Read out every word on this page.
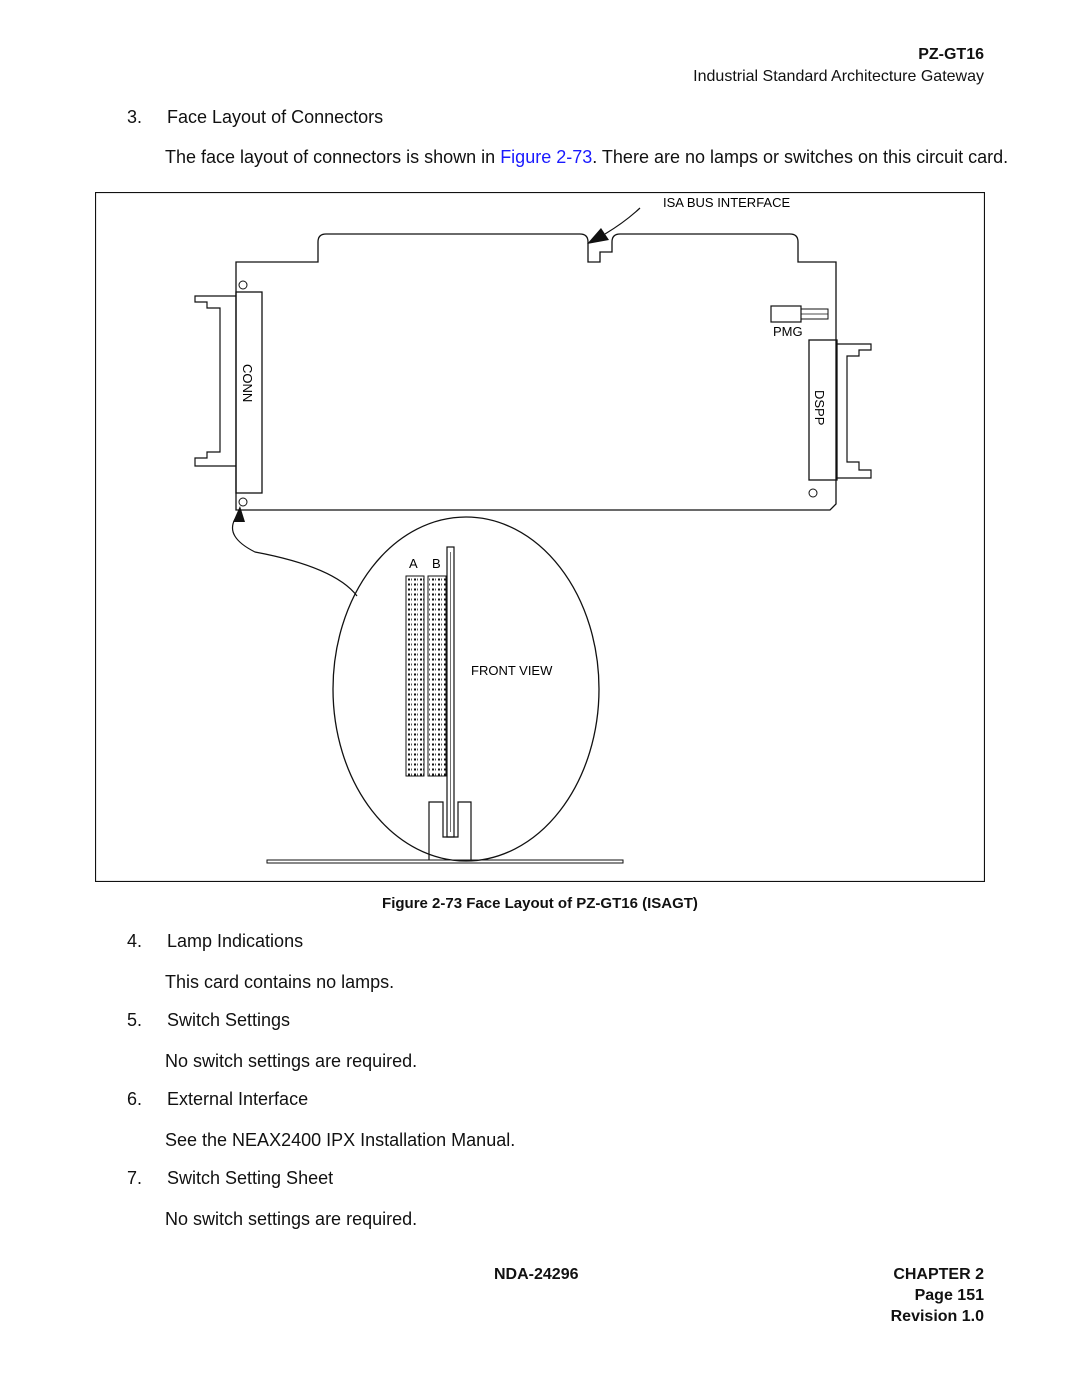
PZ-GT16
Industrial Standard Architecture Gateway
3. Face Layout of Connectors
The face layout of connectors is shown in Figure 2-73. There are no lamps or switches on this circuit card.
CONN
PMG
DSPP
ISA BUS INTERFACE
A B
FRONT VIEW
Figure 2-73 Face Layout of PZ-GT16 (ISAGT)
4. Lamp Indications
This card contains no lamps.
5. Switch Settings
No switch settings are required.
6. External Interface
See the NEAX2400 IPX Installation Manual.
7. Switch Setting Sheet
No switch settings are required.
NDA-24296	CHAPTER 2
Page 151
Revision 1.0
